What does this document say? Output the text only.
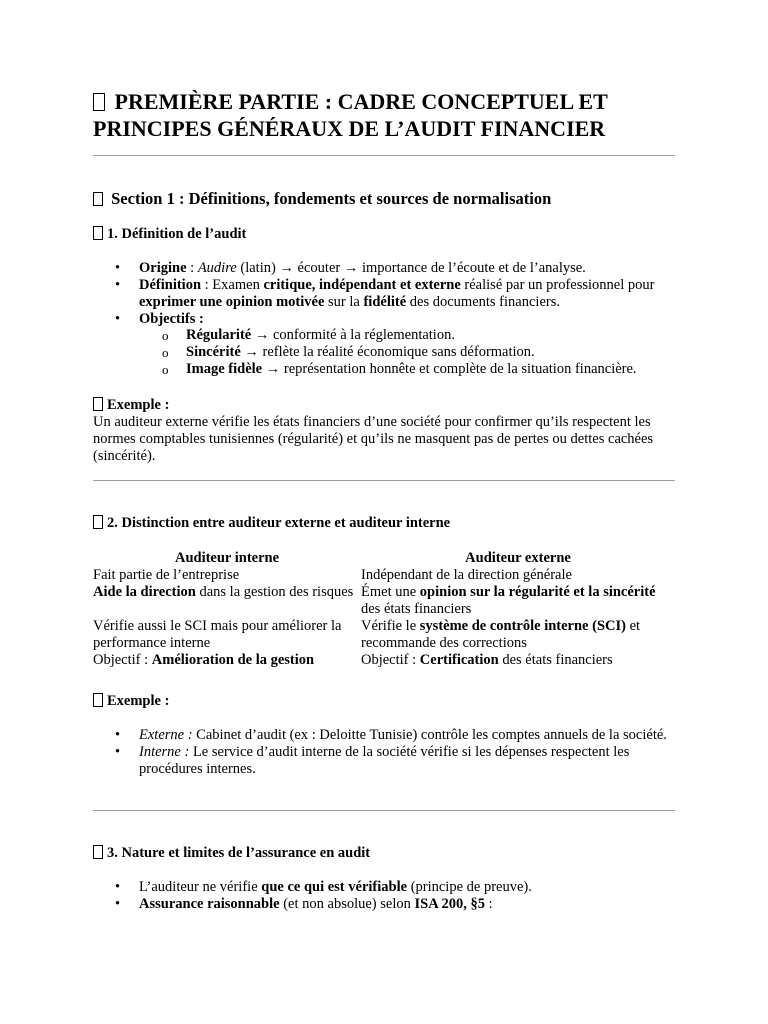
PREMIÈRE PARTIE : CADRE CONCEPTUEL ET
PRINCIPES GÉNÉRAUX DE L’AUDIT FINANCIER
Section 1 : Définitions, fondements et sources de normalisation
1. Définition de l’audit
• Origine : Audire (latin) → écouter → importance de l’écoute et de l’analyse.
• Définition : Examen critique, indépendant et externe réalisé par un professionnel pour exprimer une opinion motivée sur la fidélité des documents financiers.
• Objectifs :
o Régularité → conformité à la réglementation.
o Sincérité → reflète la réalité économique sans déformation.
o Image fidèle → représentation honnête et complète de la situation financière.
Exemple :
Un auditeur externe vérifie les états financiers d’une société pour confirmer qu’ils respectent les normes comptables tunisiennes (régularité) et qu’ils ne masquent pas de pertes ou dettes cachées (sincérité).
2. Distinction entre auditeur externe et auditeur interne
Auditeur interne	Auditeur externe
Fait partie de l’entreprise	Indépendant de la direction générale
Aide la direction dans la gestion des risques	Émet une opinion sur la régularité et la sincérité des états financiers
Vérifie aussi le SCI mais pour améliorer la performance interne	Vérifie le système de contrôle interne (SCI) et recommande des corrections
Objectif : Amélioration de la gestion	Objectif : Certification des états financiers
Exemple :
• Externe : Cabinet d’audit (ex : Deloitte Tunisie) contrôle les comptes annuels de la société.
• Interne : Le service d’audit interne de la société vérifie si les dépenses respectent les procédures internes.
3. Nature et limites de l’assurance en audit
• L’auditeur ne vérifie que ce qui est vérifiable (principe de preuve).
• Assurance raisonnable (et non absolue) selon ISA 200, §5 :
